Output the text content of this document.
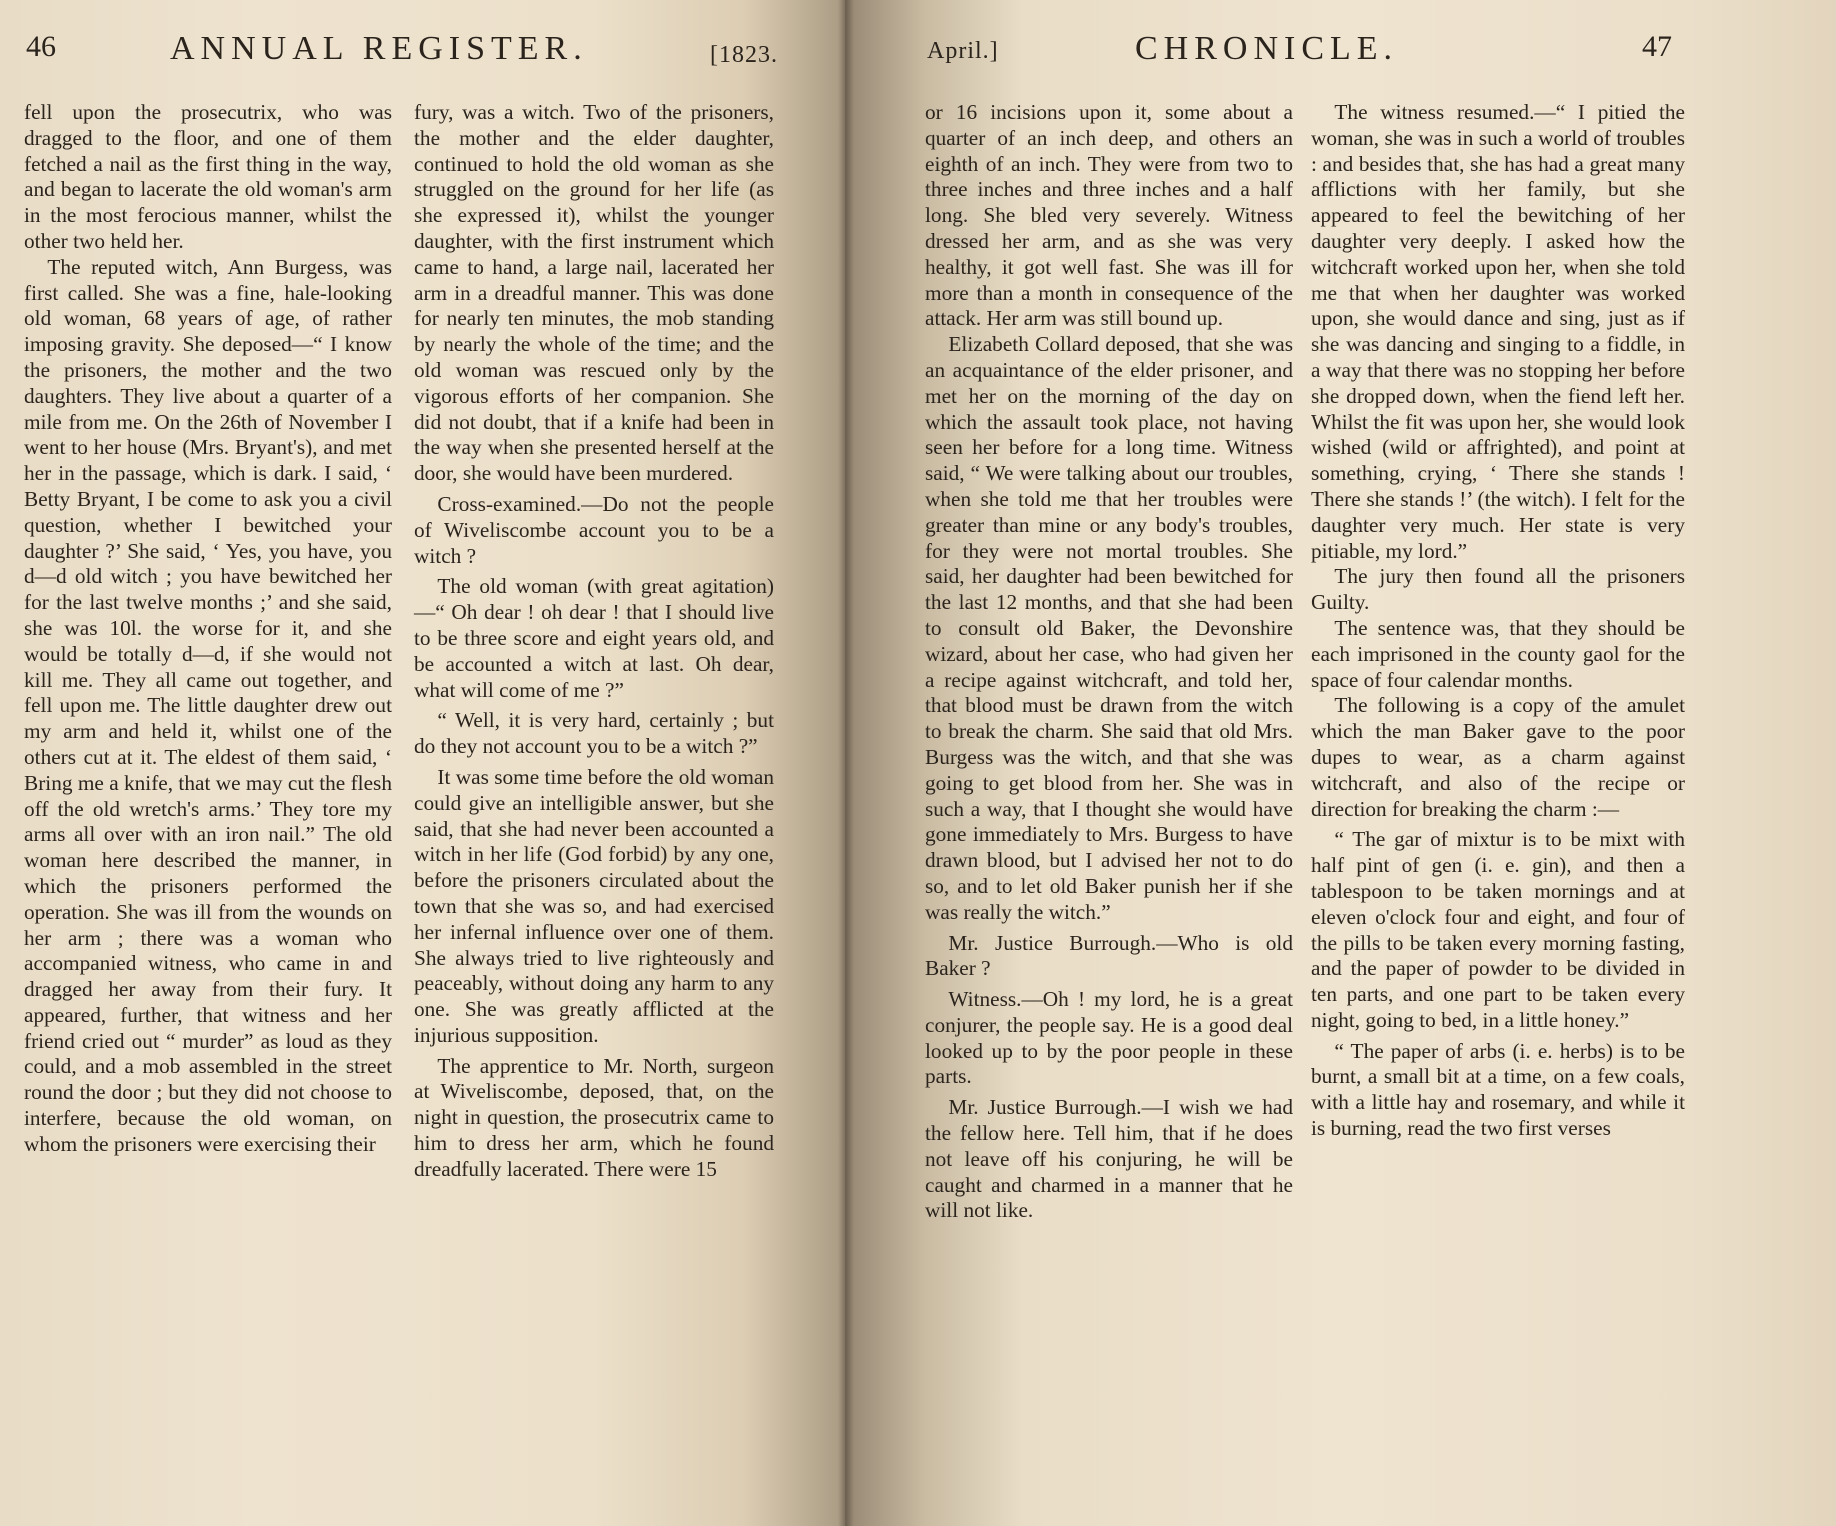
46	ANNUAL REGISTER.	[1823.

fell upon the prosecutrix, who was dragged to the floor, and one of them fetched a nail as the first thing in the way, and began to lacerate the old woman's arm in the most ferocious manner, whilst the other two held her.

The reputed witch, Ann Burgess, was first called. She was a fine, hale-looking old woman, 68 years of age, of rather imposing gravity. She deposed—“ I know the prisoners, the mother and the two daughters. They live about a quarter of a mile from me. On the 26th of November I went to her house (Mrs. Bryant's), and met her in the passage, which is dark. I said, ‘ Betty Bryant, I be come to ask you a civil question, whether I bewitched your daughter ?’ She said, ‘ Yes, you have, you d—d old witch ; you have bewitched her for the last twelve months ;’ and she said, she was 10l. the worse for it, and she would be totally d—d, if she would not kill me. They all came out together, and fell upon me. The little daughter drew out my arm and held it, whilst one of the others cut at it. The eldest of them said, ‘ Bring me a knife, that we may cut the flesh off the old wretch's arms.’ They tore my arms all over with an iron nail.” The old woman here described the manner, in which the prisoners performed the operation. She was ill from the wounds on her arm ; there was a woman who accompanied witness, who came in and dragged her away from their fury. It appeared, further, that witness and her friend cried out “ murder” as loud as they could, and a mob assembled in the street round the door ; but they did not choose to interfere, because the old woman, on whom the prisoners were exercising their

fury, was a witch. Two of the prisoners, the mother and the elder daughter, continued to hold the old woman as she struggled on the ground for her life (as she expressed it), whilst the younger daughter, with the first instrument which came to hand, a large nail, lacerated her arm in a dreadful manner. This was done for nearly ten minutes, the mob standing by nearly the whole of the time; and the old woman was rescued only by the vigorous efforts of her companion. She did not doubt, that if a knife had been in the way when she presented herself at the door, she would have been murdered.

Cross-examined.—Do not the people of Wiveliscombe account you to be a witch ?

The old woman (with great agitation)—“ Oh dear ! oh dear ! that I should live to be three score and eight years old, and be accounted a witch at last. Oh dear, what will come of me ?”

“ Well, it is very hard, certainly ; but do they not account you to be a witch ?”

It was some time before the old woman could give an intelligible answer, but she said, that she had never been accounted a witch in her life (God forbid) by any one, before the prisoners circulated about the town that she was so, and had exercised her infernal influence over one of them. She always tried to live righteously and peaceably, without doing any harm to any one. She was greatly afflicted at the injurious supposition.

The apprentice to Mr. North, surgeon at Wiveliscombe, deposed, that, on the night in question, the prosecutrix came to him to dress her arm, which he found dreadfully lacerated. There were 15

April.]	CHRONICLE.	47

or 16 incisions upon it, some about a quarter of an inch deep, and others an eighth of an inch. They were from two to three inches and three inches and a half long. She bled very severely. Witness dressed her arm, and as she was very healthy, it got well fast. She was ill for more than a month in consequence of the attack. Her arm was still bound up.

Elizabeth Collard deposed, that she was an acquaintance of the elder prisoner, and met her on the morning of the day on which the assault took place, not having seen her before for a long time. Witness said, “ We were talking about our troubles, when she told me that her troubles were greater than mine or any body's troubles, for they were not mortal troubles. She said, her daughter had been bewitched for the last 12 months, and that she had been to consult old Baker, the Devonshire wizard, about her case, who had given her a recipe against witchcraft, and told her, that blood must be drawn from the witch to break the charm. She said that old Mrs. Burgess was the witch, and that she was going to get blood from her. She was in such a way, that I thought she would have gone immediately to Mrs. Burgess to have drawn blood, but I advised her not to do so, and to let old Baker punish her if she was really the witch.”

Mr. Justice Burrough.—Who is old Baker ?

Witness.—Oh ! my lord, he is a great conjurer, the people say. He is a good deal looked up to by the poor people in these parts.

Mr. Justice Burrough.—I wish we had the fellow here. Tell him, that if he does not leave off his conjuring, he will be caught and charmed in a manner that he will not like.

The witness resumed.—“ I pitied the woman, she was in such a world of troubles : and besides that, she has had a great many afflictions with her family, but she appeared to feel the bewitching of her daughter very deeply. I asked how the witchcraft worked upon her, when she told me that when her daughter was worked upon, she would dance and sing, just as if she was dancing and singing to a fiddle, in a way that there was no stopping her before she dropped down, when the fiend left her. Whilst the fit was upon her, she would look wished (wild or affrighted), and point at something, crying, ‘ There she stands ! There she stands !’ (the witch). I felt for the daughter very much. Her state is very pitiable, my lord.”

The jury then found all the prisoners Guilty.

The sentence was, that they should be each imprisoned in the county gaol for the space of four calendar months.

The following is a copy of the amulet which the man Baker gave to the poor dupes to wear, as a charm against witchcraft, and also of the recipe or direction for breaking the charm :—

“ The gar of mixtur is to be mixt with half pint of gen (i. e. gin), and then a tablespoon to be taken mornings and at eleven o'clock four and eight, and four of the pills to be taken every morning fasting, and the paper of powder to be divided in ten parts, and one part to be taken every night, going to bed, in a little honey.”

“ The paper of arbs (i. e. herbs) is to be burnt, a small bit at a time, on a few coals, with a little hay and rosemary, and while it is burning, read the two first verses
